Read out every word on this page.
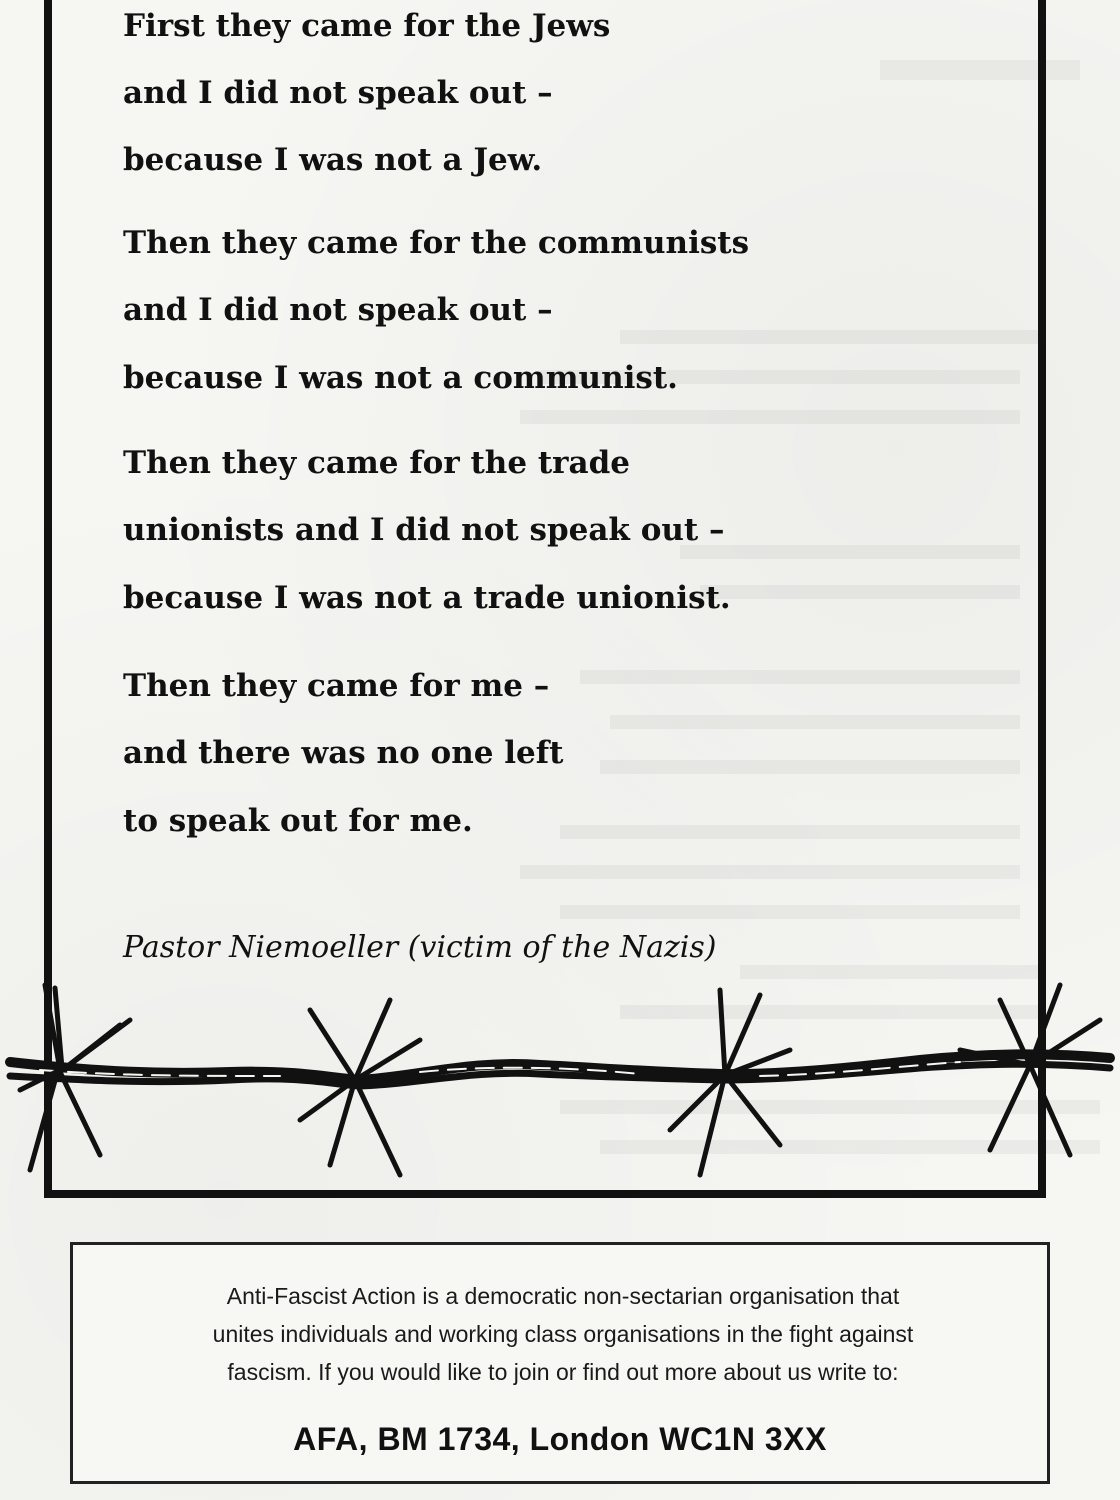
First they came for the Jews
and I did not speak out –
because I was not a Jew.
Then they came for the communists
and I did not speak out –
because I was not a communist.
Then they came for the trade
unionists and I did not speak out –
because I was not a trade unionist.
Then they came for me –
and there was no one left
to speak out for me.
Pastor Niemoeller (victim of the Nazis)
Anti-Fascist Action is a democratic non-sectarian organisation that
unites individuals and working class organisations in the fight against
fascism. If you would like to join or find out more about us write to:
AFA, BM 1734, London WC1N 3XX
